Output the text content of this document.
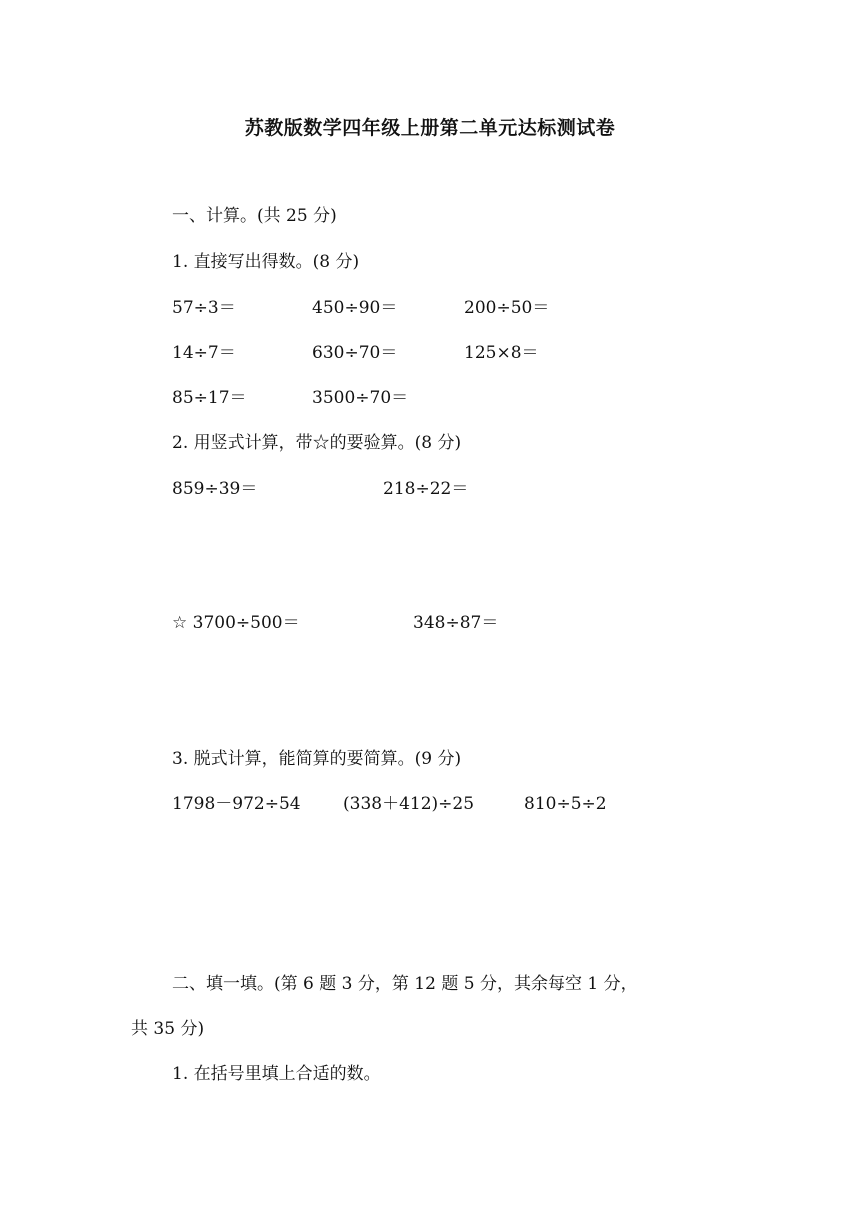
苏教版数学四年级上册第二单元达标测试卷
一、计算。(共 25 分)
1. 直接写出得数。(8 分)
57÷3＝	450÷90＝	200÷50＝
14÷7＝	630÷70＝	125×8＝
85÷17＝	3500÷70＝
2. 用竖式计算，带☆的要验算。(8 分)
859÷39＝	218÷22＝
☆ 3700÷500＝	348÷87＝
3. 脱式计算，能简算的要简算。(9 分)
1798－972÷54 (338＋412)÷25	810÷5÷2
二、填一填。(第 6 题 3 分，第 12 题 5 分，其余每空 1 分，
共 35 分)
1. 在括号里填上合适的数。
